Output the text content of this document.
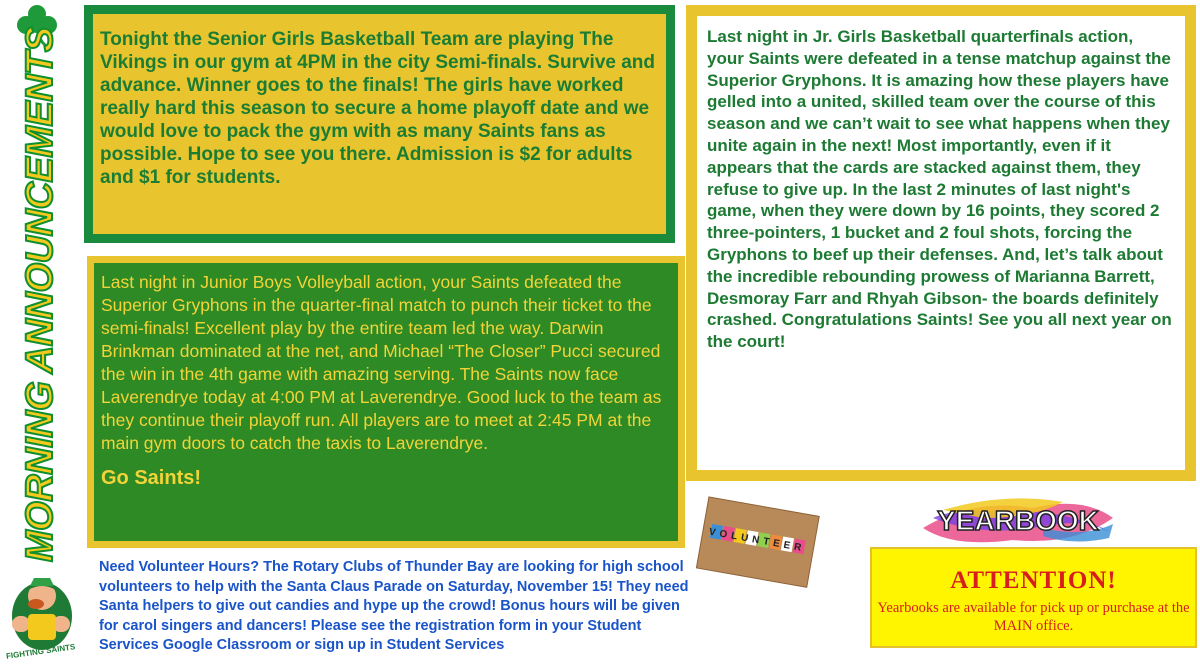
MORNING ANNOUNCEMENTS
FIGHTING SAINTS
Tonight the Senior Girls Basketball Team are playing The Vikings in our gym at 4PM in the city Semi-finals. Survive and advance. Winner goes to the finals! The girls have worked really hard this season to secure a home playoff date and we would love to pack the gym with as many Saints fans as possible. Hope to see you there. Admission is $2 for adults and $1 for students.
Last night in Junior Boys Volleyball action, your Saints defeated the Superior Gryphons in the quarter-final match to punch their ticket to the semi-finals! Excellent play by the entire team led the way. Darwin Brinkman dominated at the net, and Michael “The Closer” Pucci secured the win in the 4th game with amazing serving. The Saints now face Laverendrye today at 4:00 PM at Laverendrye. Good luck to the team as they continue their playoff run. All players are to meet at 2:45 PM at the main gym doors to catch the taxis to Laverendrye.
Go Saints!
Last night in Jr. Girls Basketball quarterfinals action, your Saints were defeated in a tense matchup against the Superior Gryphons. It is amazing how these players have gelled into a united, skilled team over the course of this season and we can’t wait to see what happens when they unite again in the next! Most importantly, even if it appears that the cards are stacked against them, they refuse to give up. In the last 2 minutes of last night's game, when they were down by 16 points, they scored 2 three-pointers, 1 bucket and 2 foul shots, forcing the Gryphons to beef up their defenses. And, let’s talk about the incredible rebounding prowess of Marianna Barrett, Desmoray Farr and Rhyah Gibson- the boards definitely crashed. Congratulations Saints! See you all next year on the court!
Need Volunteer Hours? The Rotary Clubs of Thunder Bay are looking for high school volunteers to help with the Santa Claus Parade on Saturday, November 15! They need Santa helpers to give out candies and hype up the crowd! Bonus hours will be given for carol singers and dancers! Please see the registration form in your Student Services Google Classroom or sign up in Student Services
VOLUNTEER
YEARBOOK
ATTENTION!
Yearbooks are available for pick up or purchase at the MAIN office.
